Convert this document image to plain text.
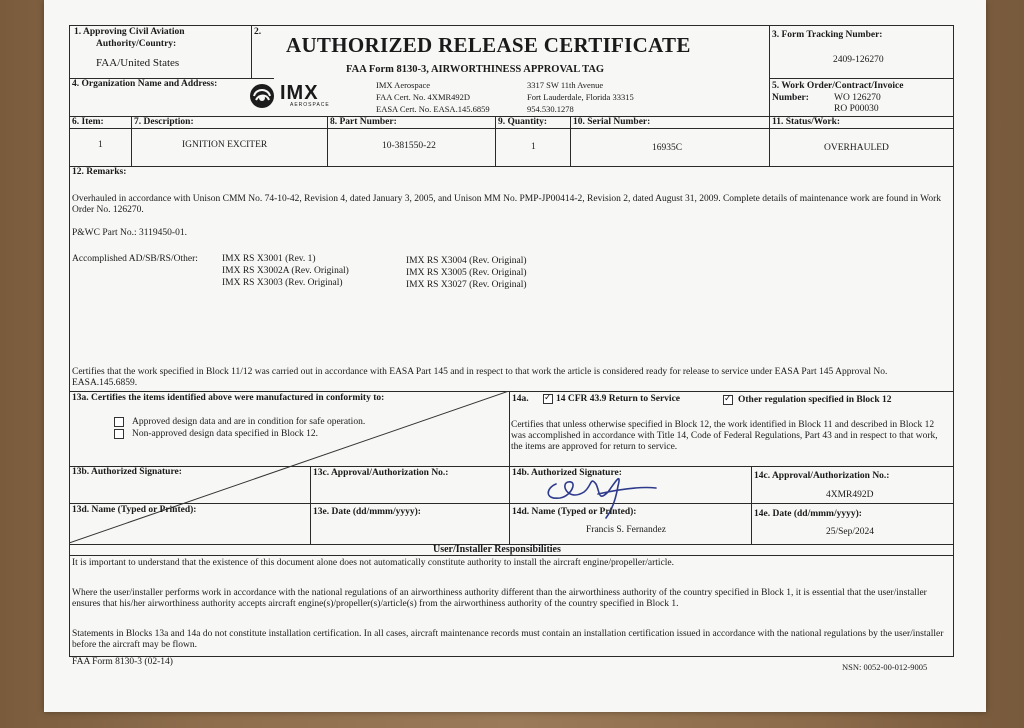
1. Approving Civil Aviation
Authority/Country:
FAA/United States
2.
AUTHORIZED RELEASE CERTIFICATE
FAA Form 8130-3, AIRWORTHINESS APPROVAL TAG
3. Form Tracking Number:
2409-126270
4. Organization Name and Address:	IMX
AEROSPACE
IMX Aerospace
FAA Cert. No. 4XMR492D
EASA Cert. No. EASA.145.6859
3317 SW 11th Avenue
Fort Lauderdale, Florida 33315
954.530.1278
5. Work Order/Contract/Invoice
Number:	WO 126270
RO P00030
6. Item:	7. Description:	8. Part Number:	9. Quantity:	10. Serial Number:	11. Status/Work:
1	IGNITION EXCITER	10-381550-22	1	16935C	OVERHAULED
12. Remarks:
Overhauled in accordance with Unison CMM No. 74-10-42, Revision 4, dated January 3, 2005, and Unison MM No. PMP-JP00414-2, Revision 2, dated August 31, 2009. Complete details of maintenance work are found in Work Order No. 126270.
P&WC Part No.: 3119450-01.
Accomplished AD/SB/RS/Other:	IMX RS X3001 (Rev. 1)
IMX RS X3002A (Rev. Original)
IMX RS X3003 (Rev. Original)
IMX RS X3004 (Rev. Original)
IMX RS X3005 (Rev. Original)
IMX RS X3027 (Rev. Original)
Certifies that the work specified in Block 11/12 was carried out in accordance with EASA Part 145 and in respect to that work the article is considered ready for release to service under EASA Part 145 Approval No. EASA.145.6859.
13a. Certifies the items identified above were manufactured in conformity to:
Approved design data and are in condition for safe operation.
Non-approved design data specified in Block 12.
14a. ✓	14 CFR 43.9 Return to Service ✓	Other regulation specified in Block 12
Certifies that unless otherwise specified in Block 12, the work identified in Block 11 and described in Block 12 was accomplished in accordance with Title 14, Code of Federal Regulations, Part 43 and in respect to that work, the items are approved for return to service.
13b. Authorized Signature:	13c. Approval/Authorization No.:	14b. Authorized Signature:	14c. Approval/Authorization No.:
4XMR492D
13d. Name (Typed or Printed):	13e. Date (dd/mmm/yyyy):	14d. Name (Typed or Printed):
Francis S. Fernandez
14e. Date (dd/mmm/yyyy):
25/Sep/2024
User/Installer Responsibilities
It is important to understand that the existence of this document alone does not automatically constitute authority to install the aircraft engine/propeller/article.
Where the user/installer performs work in accordance with the national regulations of an airworthiness authority different than the airworthiness authority of the country specified in Block 1, it is essential that the user/installer ensures that his/her airworthiness authority accepts aircraft engine(s)/propeller(s)/article(s) from the airworthiness authority of the country specified in Block 1.
Statements in Blocks 13a and 14a do not constitute installation certification. In all cases, aircraft maintenance records must contain an installation certification issued in accordance with the national regulations by the user/installer before the aircraft may be flown.
FAA Form 8130-3 (02-14)	NSN: 0052-00-012-9005
